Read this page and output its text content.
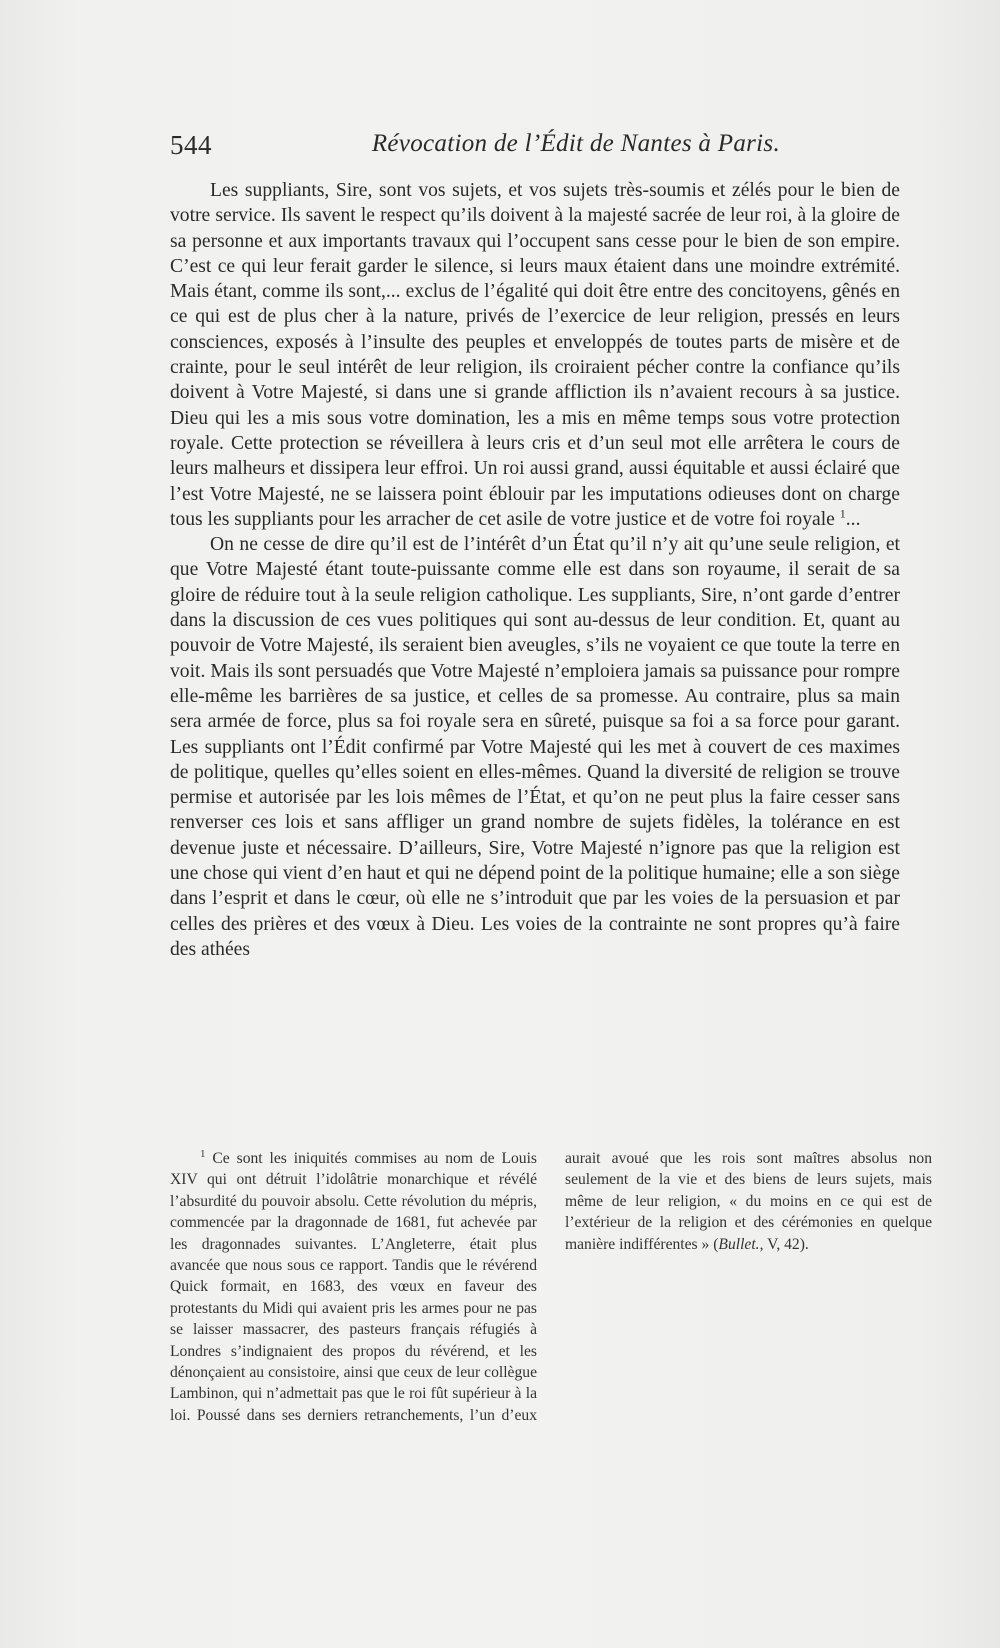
544	Révocation de l’Édit de Nantes à Paris.

Les suppliants, Sire, sont vos sujets, et vos sujets très-soumis et zélés pour le bien de votre service. Ils savent le respect qu’ils doivent à la majesté sacrée de leur roi, à la gloire de sa personne et aux importants travaux qui l’occupent sans cesse pour le bien de son empire. C’est ce qui leur ferait garder le silence, si leurs maux étaient dans une moindre extrémité. Mais étant, comme ils sont,... exclus de l’égalité qui doit être entre des concitoyens, gênés en ce qui est de plus cher à la nature, privés de l’exercice de leur religion, pressés en leurs consciences, exposés à l’insulte des peuples et enveloppés de toutes parts de misère et de crainte, pour le seul intérêt de leur religion, ils croiraient pécher contre la confiance qu’ils doivent à Votre Majesté, si dans une si grande affliction ils n’avaient recours à sa justice. Dieu qui les a mis sous votre domination, les a mis en même temps sous votre protection royale. Cette protection se réveillera à leurs cris et d’un seul mot elle arrêtera le cours de leurs malheurs et dissipera leur effroi. Un roi aussi grand, aussi équitable et aussi éclairé que l’est Votre Majesté, ne se laissera point éblouir par les imputations odieuses dont on charge tous les suppliants pour les arracher de cet asile de votre justice et de votre foi royale $^1$...

On ne cesse de dire qu’il est de l’intérêt d’un État qu’il n’y ait qu’une seule religion, et que Votre Majesté étant toute-puissante comme elle est dans son royaume, il serait de sa gloire de réduire tout à la seule religion catholique. Les suppliants, Sire, n’ont garde d’entrer dans la discussion de ces vues politiques qui sont au-dessus de leur condition. Et, quant au pouvoir de Votre Majesté, ils seraient bien aveugles, s’ils ne voyaient ce que toute la terre en voit. Mais ils sont persuadés que Votre Majesté n’emploiera jamais sa puissance pour rompre elle-même les barrières de sa justice, et celles de sa promesse. Au contraire, plus sa main sera armée de force, plus sa foi royale sera en sûreté, puisque sa foi a sa force pour garant. Les suppliants ont l’Édit confirmé par Votre Majesté qui les met à couvert de ces maximes de politique, quelles qu’elles soient en elles-mêmes. Quand la diversité de religion se trouve permise et autorisée par les lois mêmes de l’État, et qu’on ne peut plus la faire cesser sans renverser ces lois et sans affliger un grand nombre de sujets fidèles, la tolérance en est devenue juste et nécessaire. D’ailleurs, Sire, Votre Majesté n’ignore pas que la religion est une chose qui vient d’en haut et qui ne dépend point de la politique humaine; elle a son siège dans l’esprit et dans le cœur, où elle ne s’introduit que par les voies de la persuasion et par celles des prières et des vœux à Dieu. Les voies de la contrainte ne sont propres qu’à faire des athées

$^1$ Ce sont les iniquités commises au nom de Louis XIV qui ont détruit l’idolâtrie monarchique et révélé l’absurdité du pouvoir absolu. Cette révolution du mépris, commencée par la dragonnade de 1681, fut achevée par les dragonnades suivantes. L’Angleterre, était plus avancée que nous sous ce rapport. Tandis que le révérend Quick formait, en 1683, des vœux en faveur des protestants du Midi qui avaient pris les armes pour ne pas se laisser massacrer, des pasteurs français réfugiés à Londres s’indignaient des propos du révérend, et les dénonçaient au consistoire, ainsi que ceux de leur collègue Lambinon, qui n’admettait pas que le roi fût supérieur à la loi. Poussé dans ses derniers retranchements, l’un d’eux aurait avoué que les rois sont maîtres absolus non seulement de la vie et des biens de leurs sujets, mais même de leur religion, « du moins en ce qui est de l’extérieur de la religion et des cérémonies en quelque manière indifférentes » (Bullet., V, 42).
